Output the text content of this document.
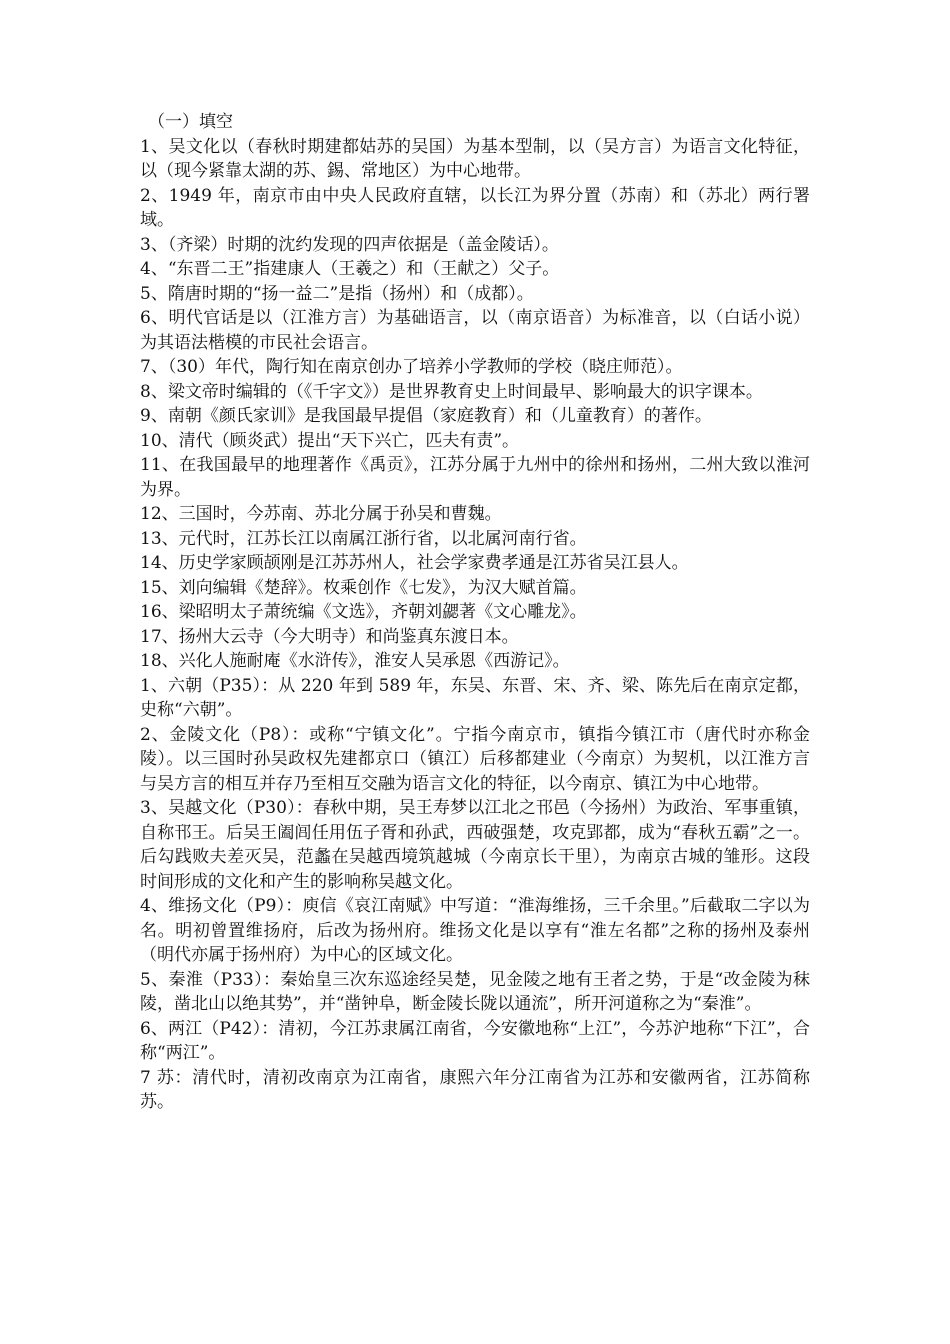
（一）填空

1、吴文化以（春秋时期建都姑苏的吴国）为基本型制，以（吴方言）为语言文化特征，以（现今紧靠太湖的苏、錫、常地区）为中心地带。

2、1949 年，南京市由中央人民政府直辖，以长江为界分置（苏南）和（苏北）两行署域。

3、（齐梁）时期的沈约发现的四声依据是（盖金陵话）。

4、“东晋二王”指建康人（王羲之）和（王献之）父子。

5、隋唐时期的“扬一益二”是指（扬州）和（成都）。

6、明代官话是以（江淮方言）为基础语言，以（南京语音）为标准音，以（白话小说）为其语法楷模的市民社会语言。

7、（30）年代，陶行知在南京创办了培养小学教师的学校（晓庄师范）。

8、梁文帝时编辑的（《千字文》）是世界教育史上时间最早、影响最大的识字课本。

9、南朝《颜氏家训》是我国最早提倡（家庭教育）和（儿童教育）的著作。

10、清代（顾炎武）提出“天下兴亡，匹夫有责”。

11、在我国最早的地理著作《禹贡》，江苏分属于九州中的徐州和扬州，二州大致以淮河为界。

12、三国时，今苏南、苏北分属于孙吴和曹魏。

13、元代时，江苏长江以南属江浙行省，以北属河南行省。

14、历史学家顾颉刚是江苏苏州人，社会学家费孝通是江苏省吴江县人。

15、刘向编辑《楚辞》。枚乘创作《七发》，为汉大赋首篇。

16、梁昭明太子萧统编《文选》，齐朝刘勰著《文心雕龙》。

17、扬州大云寺（今大明寺）和尚鉴真东渡日本。

18、兴化人施耐庵《水浒传》，淮安人吴承恩《西游记》。

1、六朝（P35）：从 220 年到 589 年，东吴、东晋、宋、齐、梁、陈先后在南京定都，史称“六朝”。

2、金陵文化（P8）：或称“宁镇文化”。宁指今南京市，镇指今镇江市（唐代时亦称金陵）。以三国时孙吴政权先建都京口（镇江）后移都建业（今南京）为契机，以江淮方言与吴方言的相互并存乃至相互交融为语言文化的特征，以今南京、镇江为中心地带。

3、吴越文化（P30）：春秋中期，吴王寿梦以江北之邗邑（今扬州）为政治、军事重镇，自称邗王。后吴王阖闾任用伍子胥和孙武，西破强楚，攻克郢都，成为“春秋五霸”之一。后勾践败夫差灭吴，范蠡在吴越西境筑越城（今南京长干里），为南京古城的雏形。这段时间形成的文化和产生的影响称吴越文化。

4、维扬文化（P9）：庾信《哀江南赋》中写道：“淮海维扬，三千余里。”后截取二字以为名。明初曾置维扬府，后改为扬州府。维扬文化是以享有“淮左名都”之称的扬州及泰州（明代亦属于扬州府）为中心的区域文化。

5、秦淮（P33）：秦始皇三次东巡途经吴楚，见金陵之地有王者之势，于是“改金陵为秣陵，凿北山以绝其势”，并“凿钟阜，断金陵长陇以通流”，所开河道称之为“秦淮”。

6、两江（P42）：清初，今江苏隶属江南省，今安徽地称“上江”，今苏沪地称“下江”，合称“两江”。

7 苏：清代时，清初改南京为江南省，康熙六年分江南省为江苏和安徽两省，江苏简称苏。
